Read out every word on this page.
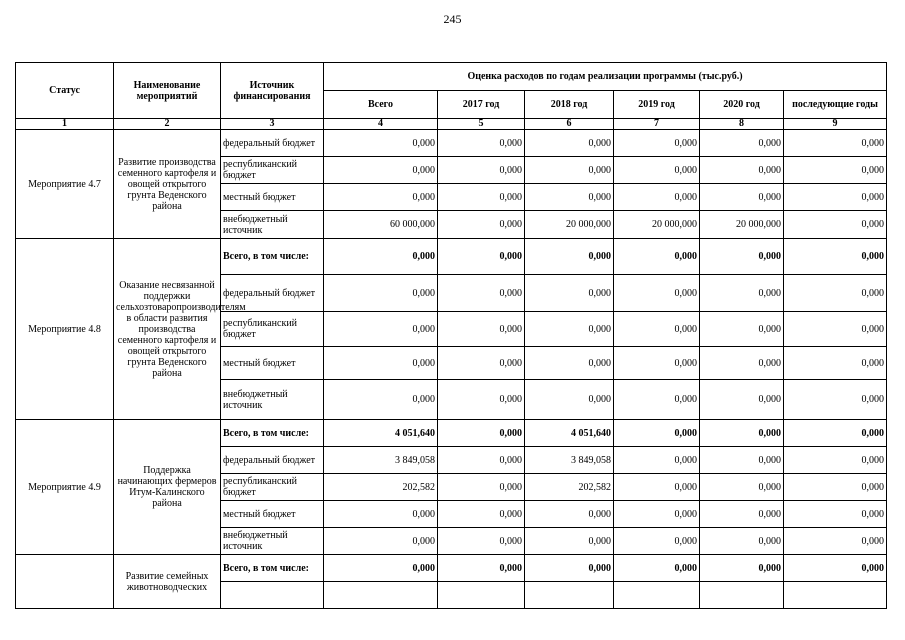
245
Статус	Наименование мероприятий	Источник финансирования	Оценка расходов по годам реализации программы (тыс.руб.)					
			Всего	2017 год	2018 год	2019 год	2020 год	последующие годы
1	2	3	4	5	6	7	8	9
Мероприятие 4.7	Развитие производства семенного картофеля и овощей открытого грунта Веденского района	федеральный бюджет	0,000	0,000	0,000	0,000	0,000	0,000
		республиканский бюджет	0,000	0,000	0,000	0,000	0,000	0,000
		местный бюджет	0,000	0,000	0,000	0,000	0,000	0,000
		внебюджетный источник	60 000,000	0,000	20 000,000	20 000,000	20 000,000	0,000
Мероприятие 4.8	Оказание несвязанной поддержки сельхозтоваропроизводителям в области развития производства семенного картофеля и овощей открытого грунта Веденского района	Всего, в том числе:	0,000	0,000	0,000	0,000	0,000	0,000
		федеральный бюджет	0,000	0,000	0,000	0,000	0,000	0,000
		республиканский бюджет	0,000	0,000	0,000	0,000	0,000	0,000
		местный бюджет	0,000	0,000	0,000	0,000	0,000	0,000
		внебюджетный источник	0,000	0,000	0,000	0,000	0,000	0,000
Мероприятие 4.9	Поддержка начинающих фермеров Итум-Калинского района	Всего, в том числе:	4 051,640	0,000	4 051,640	0,000	0,000	0,000
		федеральный бюджет	3 849,058	0,000	3 849,058	0,000	0,000	0,000
		республиканский бюджет	202,582	0,000	202,582	0,000	0,000	0,000
		местный бюджет	0,000	0,000	0,000	0,000	0,000	0,000
		внебюджетный источник	0,000	0,000	0,000	0,000	0,000	0,000
	Развитие семейных животноводческих	Всего, в том числе:	0,000	0,000	0,000	0,000	0,000	0,000
